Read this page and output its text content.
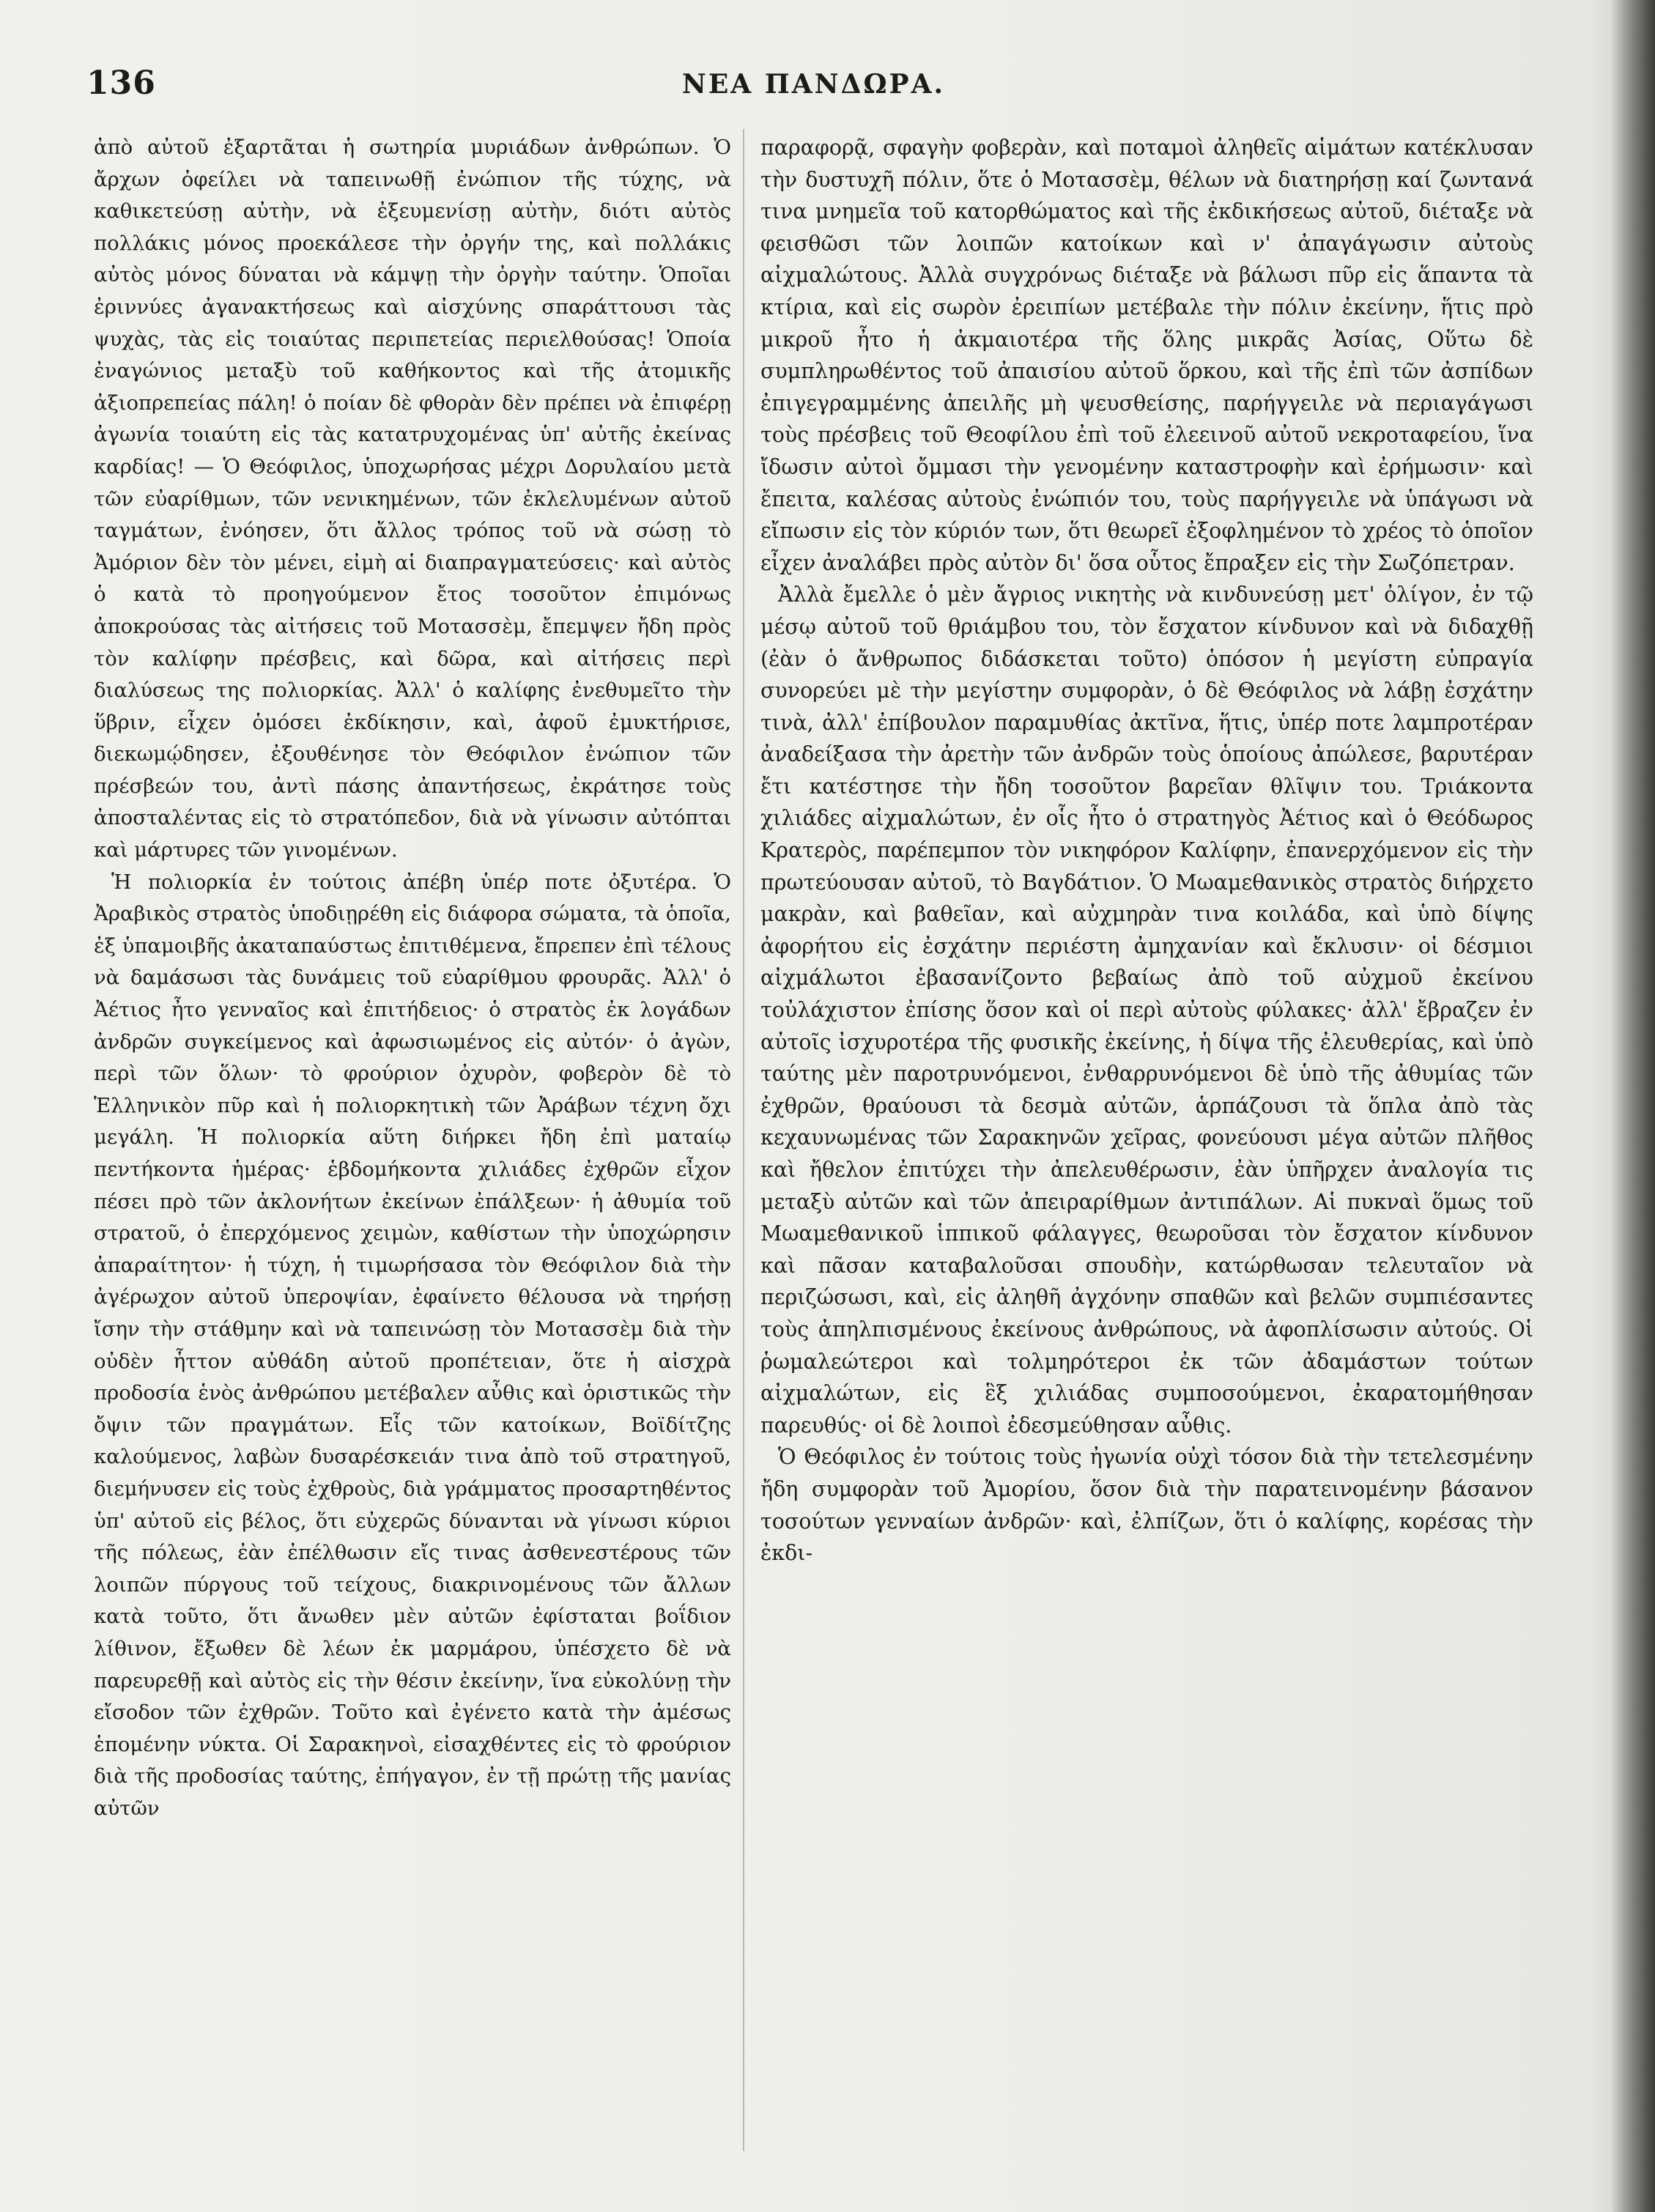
136	ΝΕΑ ΠΑΝΔΩΡΑ.

ἀπὸ αὐτοῦ ἐξαρτᾶται ἡ σωτηρία μυριάδων ἀνθρώπων. Ὁ ἄρχων ὀφείλει νὰ ταπεινωθῇ ἐνώπιον τῆς τύχης, νὰ καθικετεύσῃ αὐτὴν, νὰ ἐξευμενίσῃ αὐτὴν, διότι αὐτὸς πολλάκις μόνος προεκάλεσε τὴν ὀργήν της, καὶ πολλάκις αὐτὸς μόνος δύναται νὰ κάμψῃ τὴν ὀργὴν ταύτην. Ὁποῖαι ἐριννύες ἀγανακτήσεως καὶ αἰσχύνης σπαράττουσι τὰς ψυχὰς, τὰς εἰς τοιαύτας περιπετείας περιελθούσας! Ὁποία ἐναγώνιος μεταξὺ τοῦ καθήκοντος καὶ τῆς ἀτομικῆς ἀξιοπρεπείας πάλη! ὁ ποίαν δὲ φθορὰν δὲν πρέπει νὰ ἐπιφέρῃ ἀγωνία τοιαύτη εἰς τὰς κατατρυχομένας ὑπ' αὐτῆς ἐκείνας καρδίας! — Ὁ Θεόφιλος, ὑποχωρήσας μέχρι Δορυλαίου μετὰ τῶν εὐαρίθμων, τῶν νενικημένων, τῶν ἐκλελυμένων αὐτοῦ ταγμάτων, ἐνόησεν, ὅτι ἄλλος τρόπος τοῦ νὰ σώσῃ τὸ Ἀμόριον δὲν τὸν μένει, εἰμὴ αἱ διαπραγματεύσεις· καὶ αὐτὸς ὁ κατὰ τὸ προηγούμενον ἔτος τοσοῦτον ἐπιμόνως ἀποκρούσας τὰς αἰτήσεις τοῦ Μοτασσὲμ, ἔπεμψεν ἤδη πρὸς τὸν καλίφην πρέσβεις, καὶ δῶρα, καὶ αἰτήσεις περὶ διαλύσεως της πολιορκίας. Ἀλλ' ὁ καλίφης ἐνεθυμεῖτο τὴν ὕβριν, εἶχεν ὁμόσει ἐκδίκησιν, καὶ, ἀφοῦ ἐμυκτήρισε, διεκωμῴδησεν, ἐξουθένησε τὸν Θεόφιλον ἐνώπιον τῶν πρέσβεών του, ἀντὶ πάσης ἀπαντήσεως, ἐκράτησε τοὺς ἀποσταλέντας εἰς τὸ στρατόπεδον, διὰ νὰ γίνωσιν αὐτόπται καὶ μάρτυρες τῶν γινομένων.

Ἡ πολιορκία ἐν τούτοις ἀπέβη ὑπέρ ποτε ὀξυτέρα. Ὁ Ἀραβικὸς στρατὸς ὑποδιῃρέθη εἰς διάφορα σώματα, τὰ ὁποῖα, ἐξ ὑπαμοιβῆς ἀκαταπαύστως ἐπιτιθέμενα, ἔπρεπεν ἐπὶ τέλους νὰ δαμάσωσι τὰς δυνάμεις τοῦ εὐαρίθμου φρουρᾶς. Ἀλλ' ὁ Ἀέτιος ἦτο γενναῖος καὶ ἐπιτήδειος· ὁ στρατὸς ἐκ λογάδων ἀνδρῶν συγκείμενος καὶ ἀφωσιωμένος εἰς αὐτόν· ὁ ἀγὼν, περὶ τῶν ὅλων· τὸ φρούριον ὀχυρὸν, φοβερὸν δὲ τὸ Ἑλληνικὸν πῦρ καὶ ἡ πολιορκητικὴ τῶν Ἀράβων τέχνη ὄχι μεγάλη. Ἡ πολιορκία αὕτη διήρκει ἤδη ἐπὶ ματαίῳ πεντήκοντα ἡμέρας· ἑβδομήκοντα χιλιάδες ἐχθρῶν εἶχον πέσει πρὸ τῶν ἀκλονήτων ἐκείνων ἐπάλξεων· ἡ ἀθυμία τοῦ στρατοῦ, ὁ ἐπερχόμενος χειμὼν, καθίστων τὴν ὑποχώρησιν ἀπαραίτητον· ἡ τύχη, ἡ τιμωρήσασα τὸν Θεόφιλον διὰ τὴν ἀγέρωχον αὐτοῦ ὑπεροψίαν, ἐφαίνετο θέλουσα νὰ τηρήσῃ ἴσην τὴν στάθμην καὶ νὰ ταπεινώσῃ τὸν Μοτασσὲμ διὰ τὴν οὐδὲν ἧττον αὐθάδη αὐτοῦ προπέτειαν, ὅτε ἡ αἰσχρὰ προδοσία ἑνὸς ἀνθρώπου μετέβαλεν αὖθις καὶ ὁριστικῶς τὴν ὄψιν τῶν πραγμάτων. Εἷς τῶν κατοίκων, Βοϊδίτζης καλούμενος, λαβὼν δυσαρέσκειάν τινα ἀπὸ τοῦ στρατηγοῦ, διεμήνυσεν εἰς τοὺς ἐχθροὺς, διὰ γράμματος προσαρτηθέντος ὑπ' αὐτοῦ εἰς βέλος, ὅτι εὐχερῶς δύνανται νὰ γίνωσι κύριοι τῆς πόλεως, ἐὰν ἐπέλθωσιν εἴς τινας ἀσθενεστέρους τῶν λοιπῶν πύργους τοῦ τείχους, διακρινομένους τῶν ἄλλων κατὰ τοῦτο, ὅτι ἄνωθεν μὲν αὐτῶν ἐφίσταται βοΐδιον λίθινον, ἔξωθεν δὲ λέων ἐκ μαρμάρου, ὑπέσχετο δὲ νὰ παρευρεθῇ καὶ αὐτὸς εἰς τὴν θέσιν ἐκείνην, ἵνα εὐκολύνῃ τὴν εἴσοδον τῶν ἐχθρῶν. Τοῦτο καὶ ἐγένετο κατὰ τὴν ἀμέσως ἑπομένην νύκτα. Οἱ Σαρακηνοὶ, εἰσαχθέντες εἰς τὸ φρούριον διὰ τῆς προδοσίας ταύτης, ἐπήγαγον, ἐν τῇ πρώτῃ τῆς μανίας αὐτῶν

παραφορᾷ, σφαγὴν φοβερὰν, καὶ ποταμοὶ ἀληθεῖς αἱμάτων κατέκλυσαν τὴν δυστυχῆ πόλιν, ὅτε ὁ Μοτασσὲμ, θέλων νὰ διατηρήσῃ καί ζωντανά τινα μνημεῖα τοῦ κατορθώματος καὶ τῆς ἐκδικήσεως αὐτοῦ, διέταξε νὰ φεισθῶσι τῶν λοιπῶν κατοίκων καὶ ν' ἀπαγάγωσιν αὐτοὺς αἰχμαλώτους. Ἀλλὰ συγχρόνως διέταξε νὰ βάλωσι πῦρ εἰς ἅπαντα τὰ κτίρια, καὶ εἰς σωρὸν ἐρειπίων μετέβαλε τὴν πόλιν ἐκείνην, ἥτις πρὸ μικροῦ ἦτο ἡ ἀκμαιοτέρα τῆς ὅλης μικρᾶς Ἀσίας, Οὕτω δὲ συμπληρωθέντος τοῦ ἀπαισίου αὐτοῦ ὅρκου, καὶ τῆς ἐπὶ τῶν ἀσπίδων ἐπιγεγραμμένης ἀπειλῆς μὴ ψευσθείσης, παρήγγειλε νὰ περιαγάγωσι τοὺς πρέσβεις τοῦ Θεοφίλου ἐπὶ τοῦ ἐλεεινοῦ αὐτοῦ νεκροταφείου, ἵνα ἴδωσιν αὐτοὶ ὄμμασι τὴν γενομένην καταστροφὴν καὶ ἐρήμωσιν· καὶ ἔπειτα, καλέσας αὐτοὺς ἐνώπιόν του, τοὺς παρήγγειλε νὰ ὑπάγωσι νὰ εἴπωσιν εἰς τὸν κύριόν των, ὅτι θεωρεῖ ἐξοφλημένον τὸ χρέος τὸ ὁποῖον εἶχεν ἀναλάβει πρὸς αὐτὸν δι' ὅσα οὗτος ἔπραξεν εἰς τὴν Σωζόπετραν.

Ἀλλὰ ἔμελλε ὁ μὲν ἄγριος νικητὴς νὰ κινδυνεύσῃ μετ' ὀλίγον, ἐν τῷ μέσῳ αὐτοῦ τοῦ θριάμβου του, τὸν ἔσχατον κίνδυνον καὶ νὰ διδαχθῇ (ἐὰν ὁ ἄνθρωπος διδάσκεται τοῦτο) ὁπόσον ἡ μεγίστη εὐπραγία συνορεύει μὲ τὴν μεγίστην συμφορὰν, ὁ δὲ Θεόφιλος νὰ λάβῃ ἐσχάτην τινὰ, ἀλλ' ἐπίβουλον παραμυθίας ἀκτῖνα, ἥτις, ὑπέρ ποτε λαμπροτέραν ἀναδείξασα τὴν ἀρετὴν τῶν ἀνδρῶν τοὺς ὁποίους ἀπώλεσε, βαρυτέραν ἔτι κατέστησε τὴν ἤδη τοσοῦτον βαρεῖαν θλῖψιν του. Τριάκοντα χιλιάδες αἰχμαλώτων, ἐν οἷς ἦτο ὁ στρατηγὸς Ἀέτιος καὶ ὁ Θεόδωρος Κρατερὸς, παρέπεμπον τὸν νικηφόρον Καλίφην, ἐπανερχόμενον εἰς τὴν πρωτεύουσαν αὐτοῦ, τὸ Βαγδάτιον. Ὁ Μωαμεθανικὸς στρατὸς διήρχετο μακρὰν, καὶ βαθεῖαν, καὶ αὐχμηρὰν τινα κοιλάδα, καὶ ὑπὸ δίψης ἀφορήτου εἰς ἐσχάτην περιέστη ἀμηχανίαν καὶ ἔκλυσιν· οἱ δέσμιοι αἰχμάλωτοι ἐβασανίζοντο βεβαίως ἀπὸ τοῦ αὐχμοῦ ἐκείνου τοὐλάχιστον ἐπίσης ὅσον καὶ οἱ περὶ αὐτοὺς φύλακες· ἀλλ' ἔβραζεν ἐν αὐτοῖς ἰσχυροτέρα τῆς φυσικῆς ἐκείνης, ἡ δίψα τῆς ἐλευθερίας, καὶ ὑπὸ ταύτης μὲν παροτρυνόμενοι, ἐνθαρρυνόμενοι δὲ ὑπὸ τῆς ἀθυμίας τῶν ἐχθρῶν, θραύουσι τὰ δεσμὰ αὐτῶν, ἁρπάζουσι τὰ ὅπλα ἀπὸ τὰς κεχαυνωμένας τῶν Σαρακηνῶν χεῖρας, φονεύουσι μέγα αὐτῶν πλῆθος καὶ ἤθελον ἐπιτύχει τὴν ἀπελευθέρωσιν, ἐὰν ὑπῆρχεν ἀναλογία τις μεταξὺ αὐτῶν καὶ τῶν ἀπειραρίθμων ἀντιπάλων. Αἱ πυκναὶ ὅμως τοῦ Μωαμεθανικοῦ ἱππικοῦ φάλαγγες, θεωροῦσαι τὸν ἔσχατον κίνδυνον καὶ πᾶσαν καταβαλοῦσαι σπουδὴν, κατώρθωσαν τελευταῖον νὰ περιζώσωσι, καὶ, εἰς ἀληθῆ ἀγχόνην σπαθῶν καὶ βελῶν συμπιέσαντες τοὺς ἀπηλπισμένους ἐκείνους ἀνθρώπους, νὰ ἀφοπλίσωσιν αὐτούς. Οἱ ῥωμαλεώτεροι καὶ τολμηρότεροι ἐκ τῶν ἀδαμάστων τούτων αἰχμαλώτων, εἰς ἓξ χιλιάδας συμποσούμενοι, ἐκαρατομήθησαν παρευθύς· οἱ δὲ λοιποὶ ἐδεσμεύθησαν αὖθις.

Ὁ Θεόφιλος ἐν τούτοις τοὺς ἠγωνία οὐχὶ τόσον διὰ τὴν τετελεσμένην ἤδη συμφορὰν τοῦ Ἀμορίου, ὅσον διὰ τὴν παρατεινομένην βάσανον τοσούτων γενναίων ἀνδρῶν· καὶ, ἐλπίζων, ὅτι ὁ καλίφης, κορέσας τὴν ἐκδι-
